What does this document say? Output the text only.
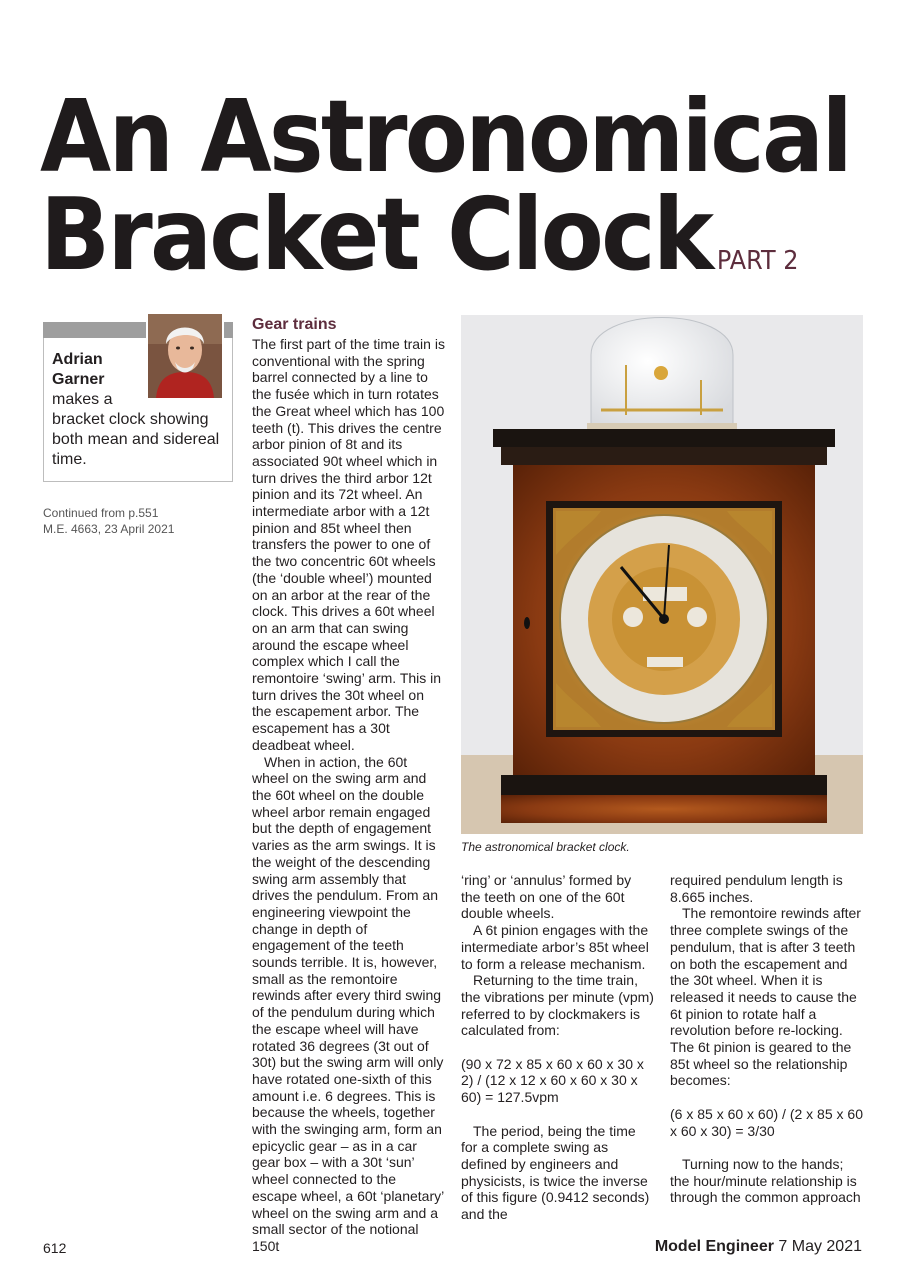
An Astronomical
Bracket Clock PART 2
Adrian Garner
makes a
bracket clock showing both mean and sidereal time.
Continued from p.551
M.E. 4663, 23 April 2021
Gear trains

The first part of the time train is conventional with the spring barrel connected by a line to the fusée which in turn rotates the Great wheel which has 100 teeth (t). This drives the centre arbor pinion of 8t and its associated 90t wheel which in turn drives the third arbor 12t pinion and its 72t wheel. An intermediate arbor with a 12t pinion and 85t wheel then transfers the power to one of the two concentric 60t wheels (the ‘double wheel’) mounted on an arbor at the rear of the clock. This drives a 60t wheel on an arm that can swing around the escape wheel complex which I call the remontoire ‘swing’ arm. This in turn drives the 30t wheel on the escapement arbor. The escapement has a 30t deadbeat wheel.

When in action, the 60t wheel on the swing arm and the 60t wheel on the double wheel arbor remain engaged but the depth of engagement varies as the arm swings. It is the weight of the descending swing arm assembly that drives the pendulum. From an engineering viewpoint the change in depth of engagement of the teeth sounds terrible. It is, however, small as the remontoire rewinds after every third swing of the pendulum during which the escape wheel will have rotated 36 degrees (3t out of 30t) but the swing arm will only have rotated one-sixth of this amount i.e. 6 degrees. This is because the wheels, together with the swinging arm, form an epicyclic gear – as in a car gear box – with a 30t ‘sun’ wheel connected to the escape wheel, a 60t ‘planetary’ wheel on the swing arm and a small sector of the notional 150t

The astronomical bracket clock.

‘ring’ or ‘annulus’ formed by the teeth on one of the 60t double wheels.

A 6t pinion engages with the intermediate arbor’s 85t wheel to form a release mechanism.

Returning to the time train, the vibrations per minute (vpm) referred to by clockmakers is calculated from:

(90 x 72 x 85 x 60 x 60 x 30 x 2) / (12 x 12 x 60 x 60 x 30 x 60) = 127.5vpm

The period, being the time for a complete swing as defined by engineers and physicists, is twice the inverse of this figure (0.9412 seconds) and the

required pendulum length is 8.665 inches.

The remontoire rewinds after three complete swings of the pendulum, that is after 3 teeth on both the escapement and the 30t wheel. When it is released it needs to cause the 6t pinion to rotate half a revolution before re-locking. The 6t pinion is geared to the 85t wheel so the relationship becomes:

(6 x 85 x 60 x 60) / (2 x 85 x 60 x 60 x 30) = 3/30

Turning now to the hands; the hour/minute relationship is through the common approach

612	Model Engineer 7 May 2021
